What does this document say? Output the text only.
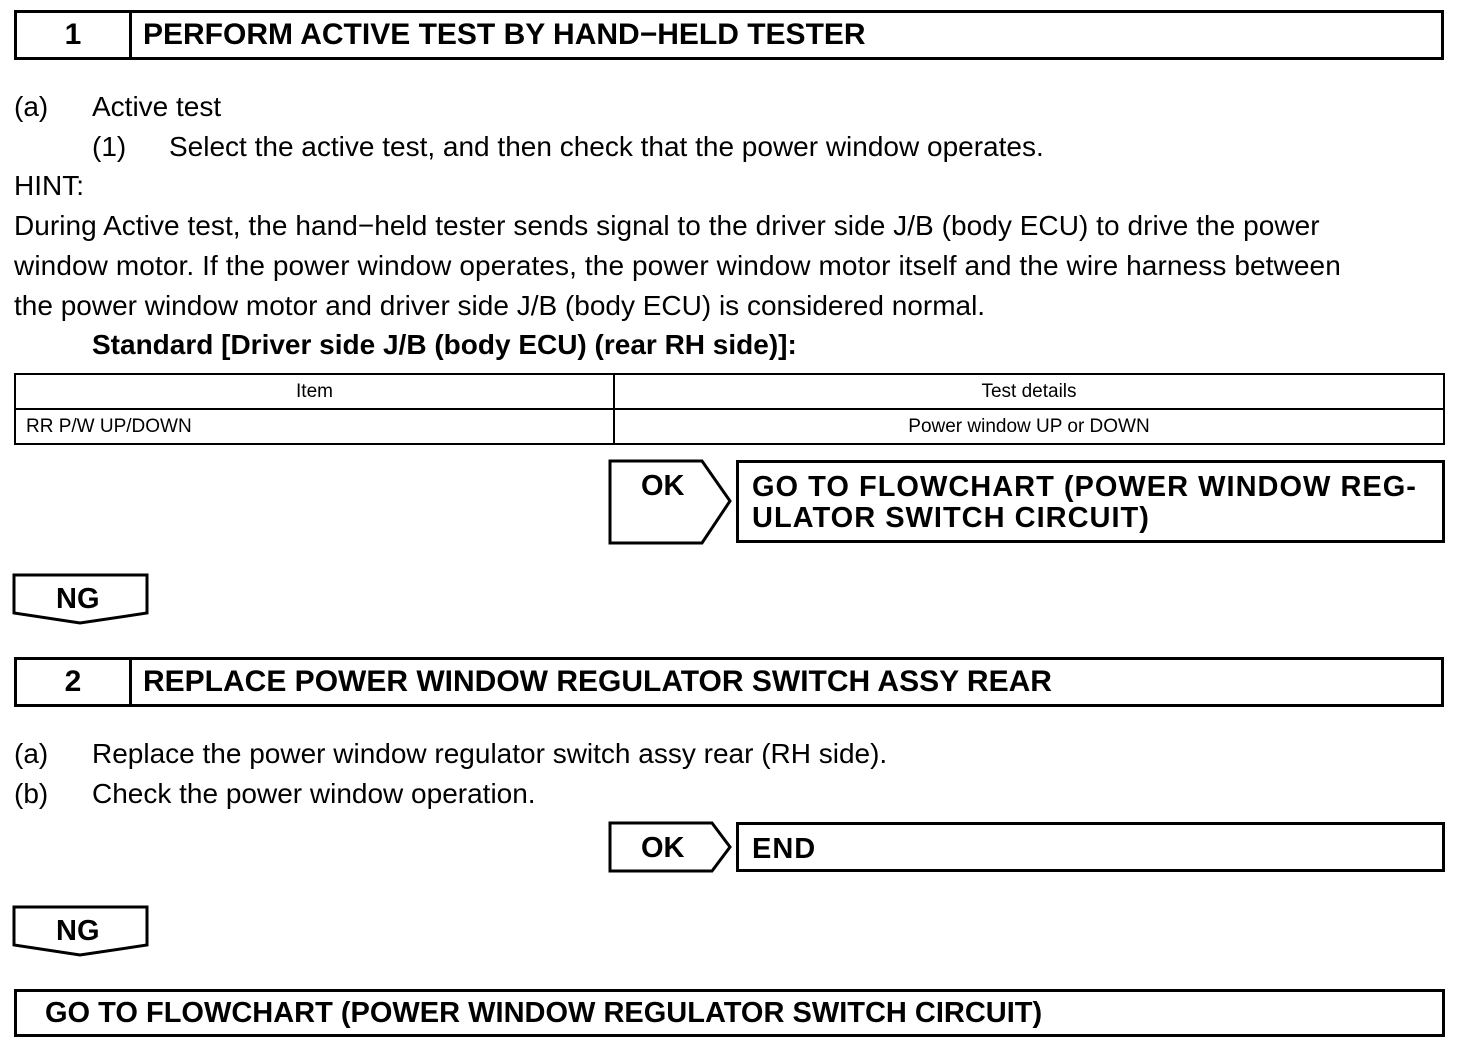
1	PERFORM ACTIVE TEST BY HAND−HELD TESTER
(a) Active test
(1) Select the active test, and then check that the power window operates.
HINT:
During Active test, the hand−held tester sends signal to the driver side J/B (body ECU) to drive the power
window motor. If the power window operates, the power window motor itself and the wire harness between
the power window motor and driver side J/B (body ECU) is considered normal.
Standard [Driver side J/B (body ECU) (rear RH side)]:
Item	Test details
RR P/W UP/DOWN	Power window UP or DOWN
OK GO TO FLOWCHART (POWER WINDOW REG-
ULATOR SWITCH CIRCUIT)
NG
2	REPLACE POWER WINDOW REGULATOR SWITCH ASSY REAR
(a) Replace the power window regulator switch assy rear (RH side).
(b) Check the power window operation.
OK END
NG
GO TO FLOWCHART (POWER WINDOW REGULATOR SWITCH CIRCUIT)
